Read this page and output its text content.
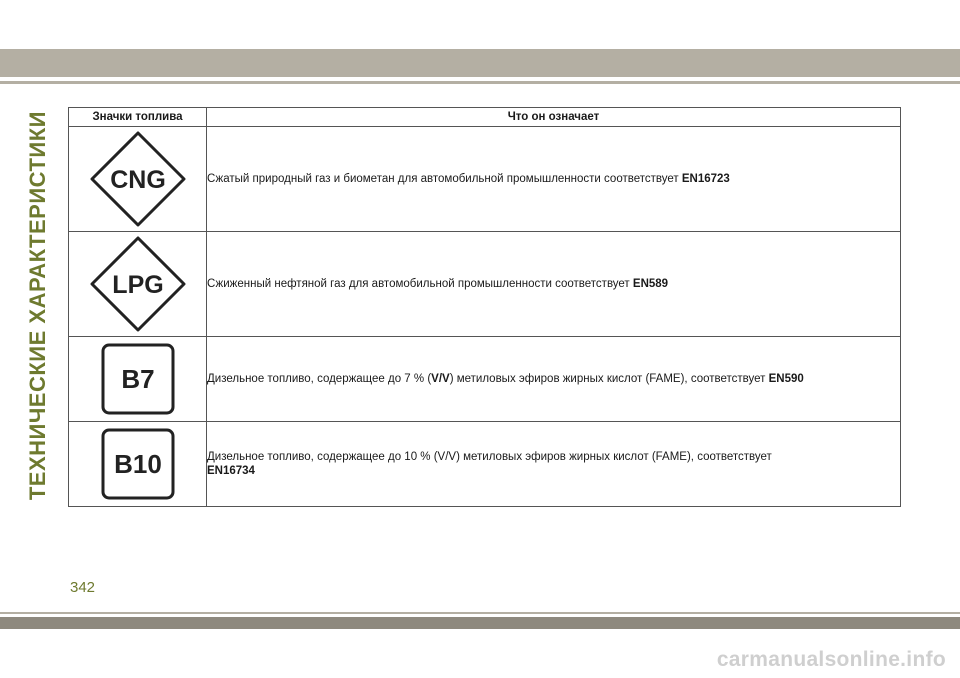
ТЕХНИЧЕСКИЕ ХАРАКТЕРИСТИКИ	Значки топлива	Что он означает

CNG	Сжатый природный газ и биометан для автомобильной промышленности соответствует EN16723

LPG	Сжиженный нефтяной газ для автомобильной промышленности соответствует EN589

B7	Дизельное топливо, содержащее до 7 % (V/V) метиловых эфиров жирных кислот (FAME), соответствует EN590

B10	Дизельное топливо, содержащее до 10 % (V/V) метиловых эфиров жирных кислот (FAME), соответствует
EN16734
342
carmanualsonline.info
